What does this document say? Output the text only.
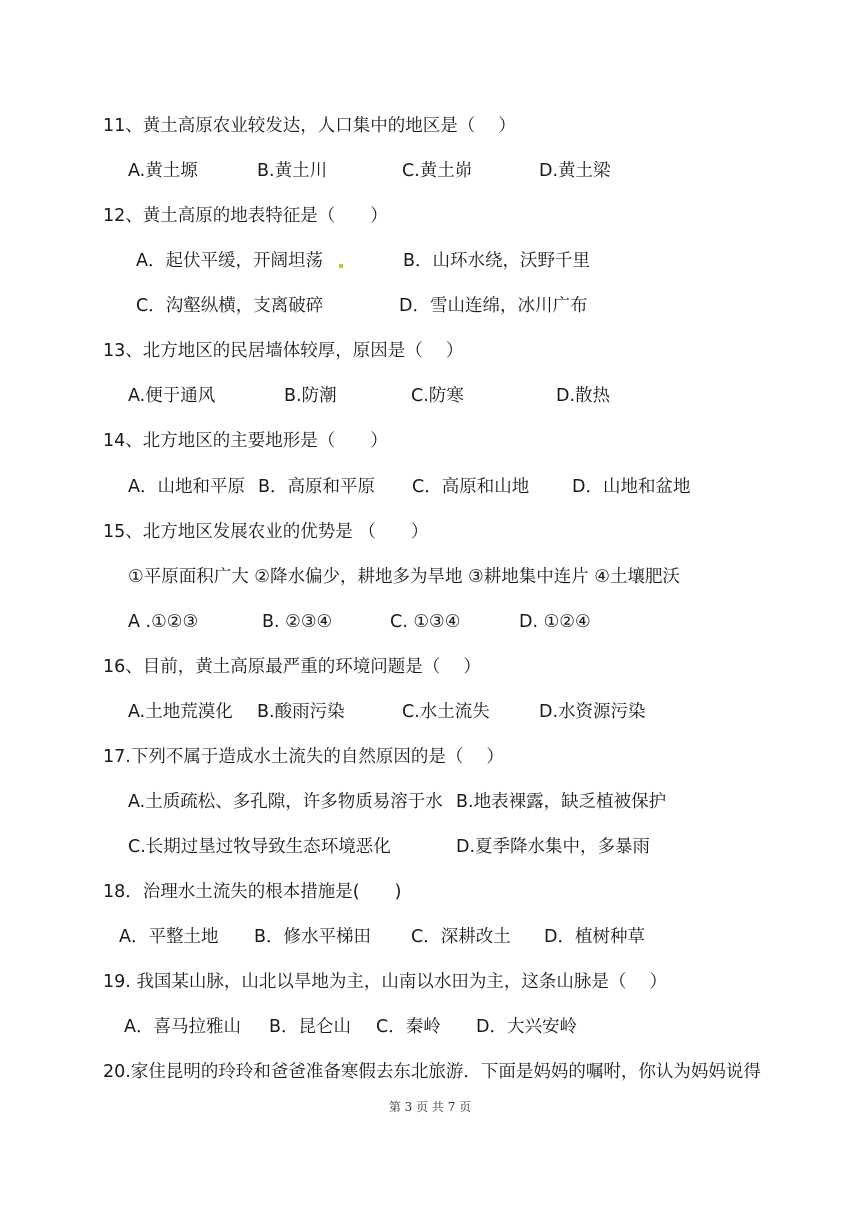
11、黄土高原农业较发达，人口集中的地区是（　 ）
A.黄土塬	B.黄土川	C.黄土峁	D.黄土梁
12、黄土高原的地表特征是（　　）
A．起伏平缓，开阔坦荡	B．山环水绕，沃野千里
C．沟壑纵横，支离破碎	D．雪山连绵，冰川广布
13、北方地区的民居墙体较厚，原因是（　 ）
A.便于通风	B.防潮	C.防寒	D.散热
14、北方地区的主要地形是（　　）
A．山地和平原 B．高原和平原 C．高原和山地 D．山地和盆地
15、北方地区发展农业的优势是 （　　）
①平原面积广大 ②降水偏少，耕地多为旱地 ③耕地集中连片 ④土壤肥沃
A .①②③	B. ②③④	C. ①③④	D. ①②④
16、目前，黄土高原最严重的环境问题是（　 ）
A.土地荒漠化 B.酸雨污染	C.水土流失	D.水资源污染
17.下列不属于造成水土流失的自然原因的是（　 ）
A.土质疏松、多孔隙，许多物质易溶于水 B.地表裸露，缺乏植被保护
C.长期过垦过牧导致生态环境恶化	D.夏季降水集中，多暴雨
18．治理水土流失的根本措施是(　　)
A．平整土地 B．修水平梯田 C．深耕改土 D．植树种草
19. 我国某山脉，山北以旱地为主，山南以水田为主，这条山脉是（　 ）
A．喜马拉雅山 B．昆仑山 C．秦岭 D．大兴安岭
20.家住昆明的玲玲和爸爸准备寒假去东北旅游．下面是妈妈的嘱咐，你认为妈妈说得
第 3 页 共 7 页
